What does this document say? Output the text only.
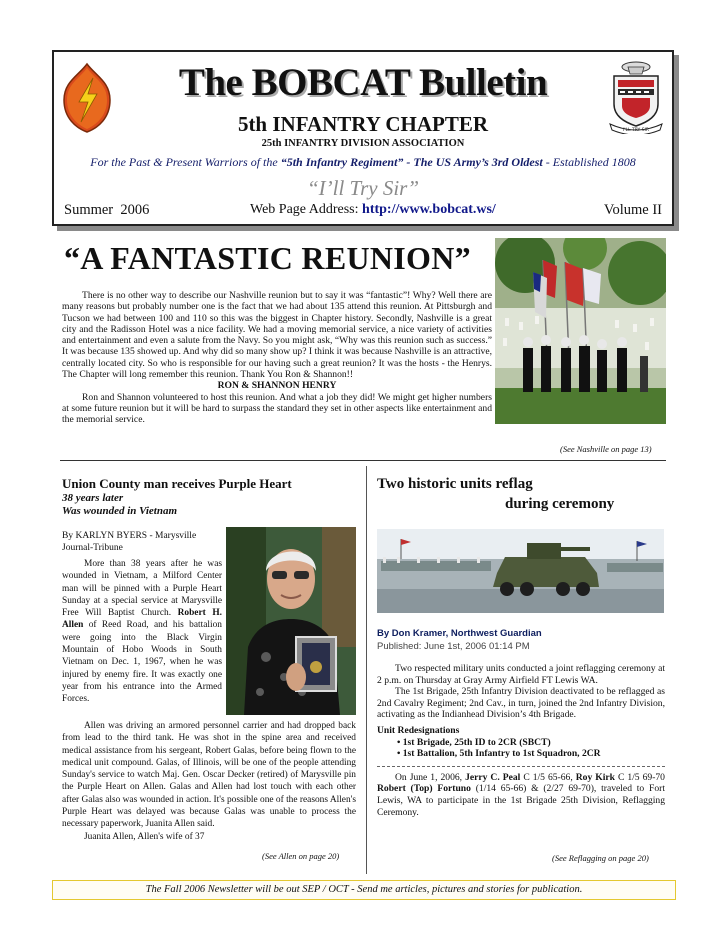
The BOBCAT Bulletin
5th INFANTRY CHAPTER
25th INFANTRY DIVISION ASSOCIATION
For the Past & Present Warriors of the “5th Infantry Regiment” - The US Army’s 3rd Oldest - Established 1808
“I’ll Try Sir”
Summer  2006	Web Page Address: http://www.bobcat.ws/	Volume II
I'LL TRY SIR
“A FANTASTIC REUNION”

There is no other way to describe our Nashville reunion but to say it was “fantastic”! Why? Well there are many reasons but probably number one is the fact that we had about 135 attend this reunion. At Pittsburgh and Tucson we had between 100 and 110 so this was the biggest in Chapter history. Secondly, Nashville is a great city and the Radisson Hotel was a nice facility. We had a moving memorial service, a nice variety of activities and entertainment and even a salute from the Navy. So you might ask, “Why was this reunion such as success.” It was because 135 showed up. And why did so many show up? I think it was because Nashville is an attractive, centrally located city. So who is responsible for our having such a great reunion? It was the hosts - the Henrys. The Chapter will long remember this reunion. Thank You Ron & Shannon!!

RON & SHANNON HENRY

Ron and Shannon volunteered to host this reunion. And what a job they did! We might get higher numbers at some future reunion but it will be hard to surpass the standard they set in other aspects like entertainment and the memorial service.

(See Nashville on page 13)
Union County man receives Purple Heart
38 years later
Was wounded in Vietnam
By KARLYN BYERS - Marysville Journal-Tribune

More than 38 years after he was wounded in Vietnam, a Milford Center man will be pinned with a Purple Heart Sunday at a special service at Marysville Free Will Baptist Church. Robert H. Allen of Reed Road, and his battalion were going into the Black Virgin Mountain of Hobo Woods in South Vietnam on Dec. 1, 1967, when he was injured by enemy fire. It was exactly one year from his entrance into the Armed Forces.

Allen was driving an armored personnel carrier and had dropped back from lead to the third tank. He was shot in the spine area and received medical assistance from his sergeant, Robert Galas, before being flown to the medical unit compound. Galas, of Illinois, will be one of the people attending Sunday's service to watch Maj. Gen. Oscar Decker (retired) of Marysville pin the Purple Heart on Allen. Galas and Allen had lost touch with each other after Galas also was wounded in action. It's possible one of the reasons Allen's Purple Heart was delayed was because Galas was unable to process the necessary paperwork, Juanita Allen said.

Juanita Allen, Allen's wife of 37

(See Allen on page 20)
Two historic units reflag
during ceremony
By Don Kramer, Northwest Guardian
Published: June 1st, 2006 01:14 PM

Two respected military units conducted a joint reflagging ceremony at 2 p.m. on Thursday at Gray Army Airfield FT Lewis WA.

The 1st Brigade, 25th Infantry Division deactivated to be reflagged as 2nd Cavalry Regiment; 2nd Cav., in turn, joined the 2nd Infantry Division, activating as the Indianhead Division’s 4th Brigade.

Unit Redesignations

• 1st Brigade, 25th ID to 2CR (SBCT)

• 1st Battalion, 5th Infantry to 1st Squadron, 2CR

On June 1, 2006, Jerry C. Peal C 1/5 65-66, Roy Kirk C 1/5 69-70 Robert (Top) Fortuno (1/14 65-66) & (2/27 69-70), traveled to Fort Lewis, WA to participate in the 1st Brigade 25th Division, Reflagging Ceremony.

(See Reflagging on page 20)
The Fall 2006 Newsletter will be out SEP / OCT - Send me articles, pictures and stories for publication.
